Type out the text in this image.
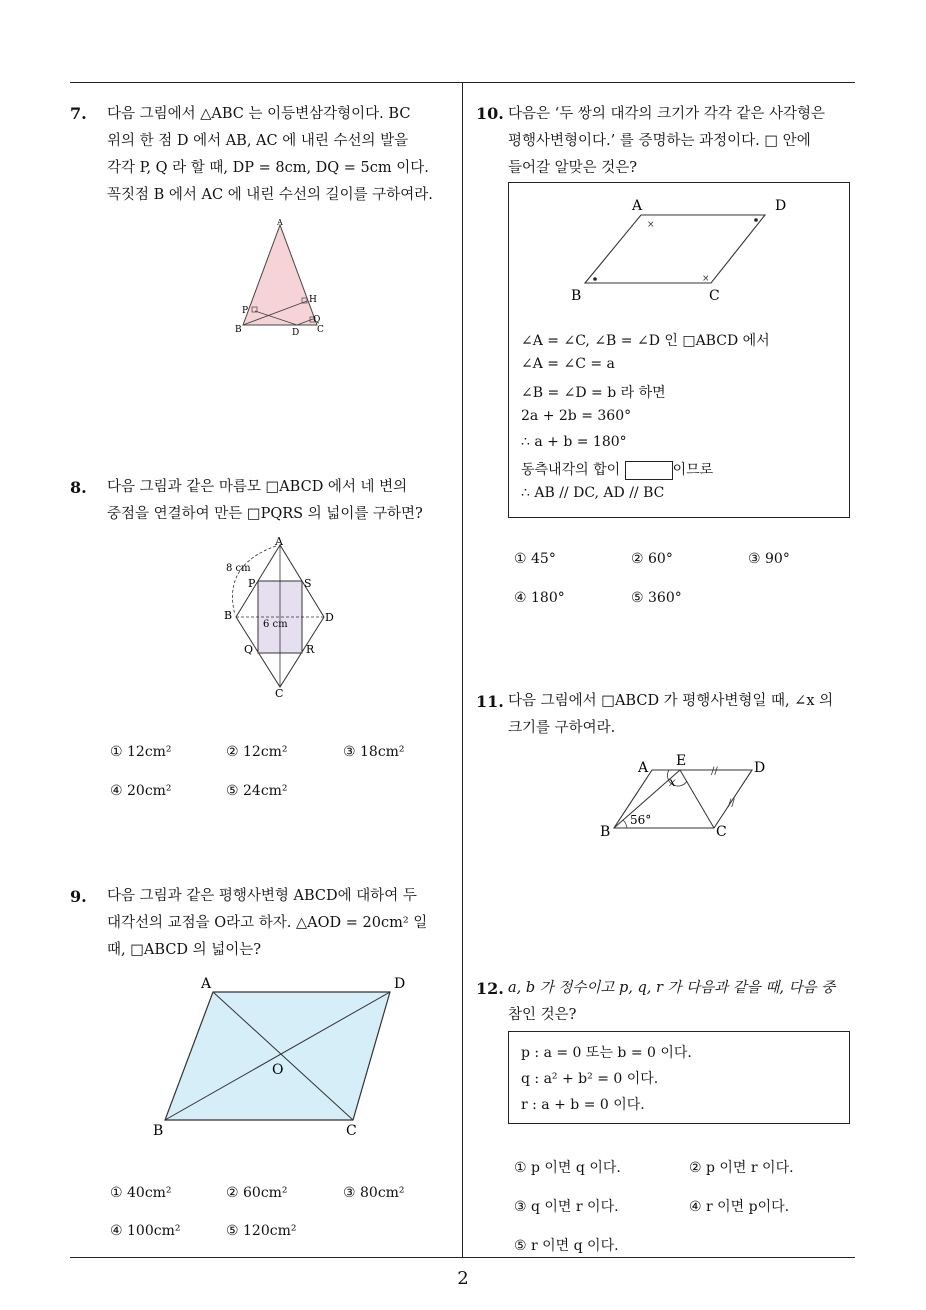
2
7. 다음 그림에서 △ABC 는 이등변삼각형이다. BC
위의 한 점 D 에서 AB, AC 에 내린 수선의 발을
각각 P, Q 라 할 때, DP = 8cm, DQ = 5cm 이다.
꼭짓점 B 에서 AC 에 내린 수선의 길이를 구하여라.
A
B	C
D
P
Q
H
8. 다음 그림과 같은 마름모 □ABCD 에서 네 변의
중점을 연결하여 만든 □PQRS 의 넓이를 구하면?
A
B
C
D
P
Q	R
S
8 cm
6 cm
① 12cm²	② 12cm²	③ 18cm²
④ 20cm²	⑤ 24cm²
9. 다음 그림과 같은 평행사변형 ABCD에 대하여 두
대각선의 교점을 O라고 하자. △AOD = 20cm² 일
때, □ABCD 의 넓이는?
A	D
B	C
O
① 40cm²	② 60cm²	③ 80cm²
④ 100cm²	⑤ 120cm²
10. 다음은 ‘두 쌍의 대각의 크기가 각각 같은 사각형은
평행사변형이다.’ 를 증명하는 과정이다. □ 안에
들어갈 알맞은 것은?
×
×
A	D
B	C
∠A = ∠C, ∠B = ∠D 인 □ABCD 에서
∠A = ∠C = a
∠B = ∠D = b 라 하면
2a + 2b = 360°
∴ a + b = 180°
동측내각의 합이	이므로
∴ AB // DC, AD // BC
① 45°	② 60°	③ 90°
④ 180°	⑤ 360°
11. 다음 그림에서 □ABCD 가 평행사변형일 때, ∠x 의
크기를 구하여라.
//
//
A E	D
B	C
x
56°
12. a, b 가 정수이고 p, q, r 가 다음과 같을 때, 다음 중
참인 것은?
p : a = 0 또는 b = 0 이다.
q : a² + b² = 0 이다.
r : a + b = 0 이다.
① p 이면 q 이다.	② p 이면 r 이다.
③ q 이면 r 이다.	④ r 이면 p이다.
⑤ r 이면 q 이다.
